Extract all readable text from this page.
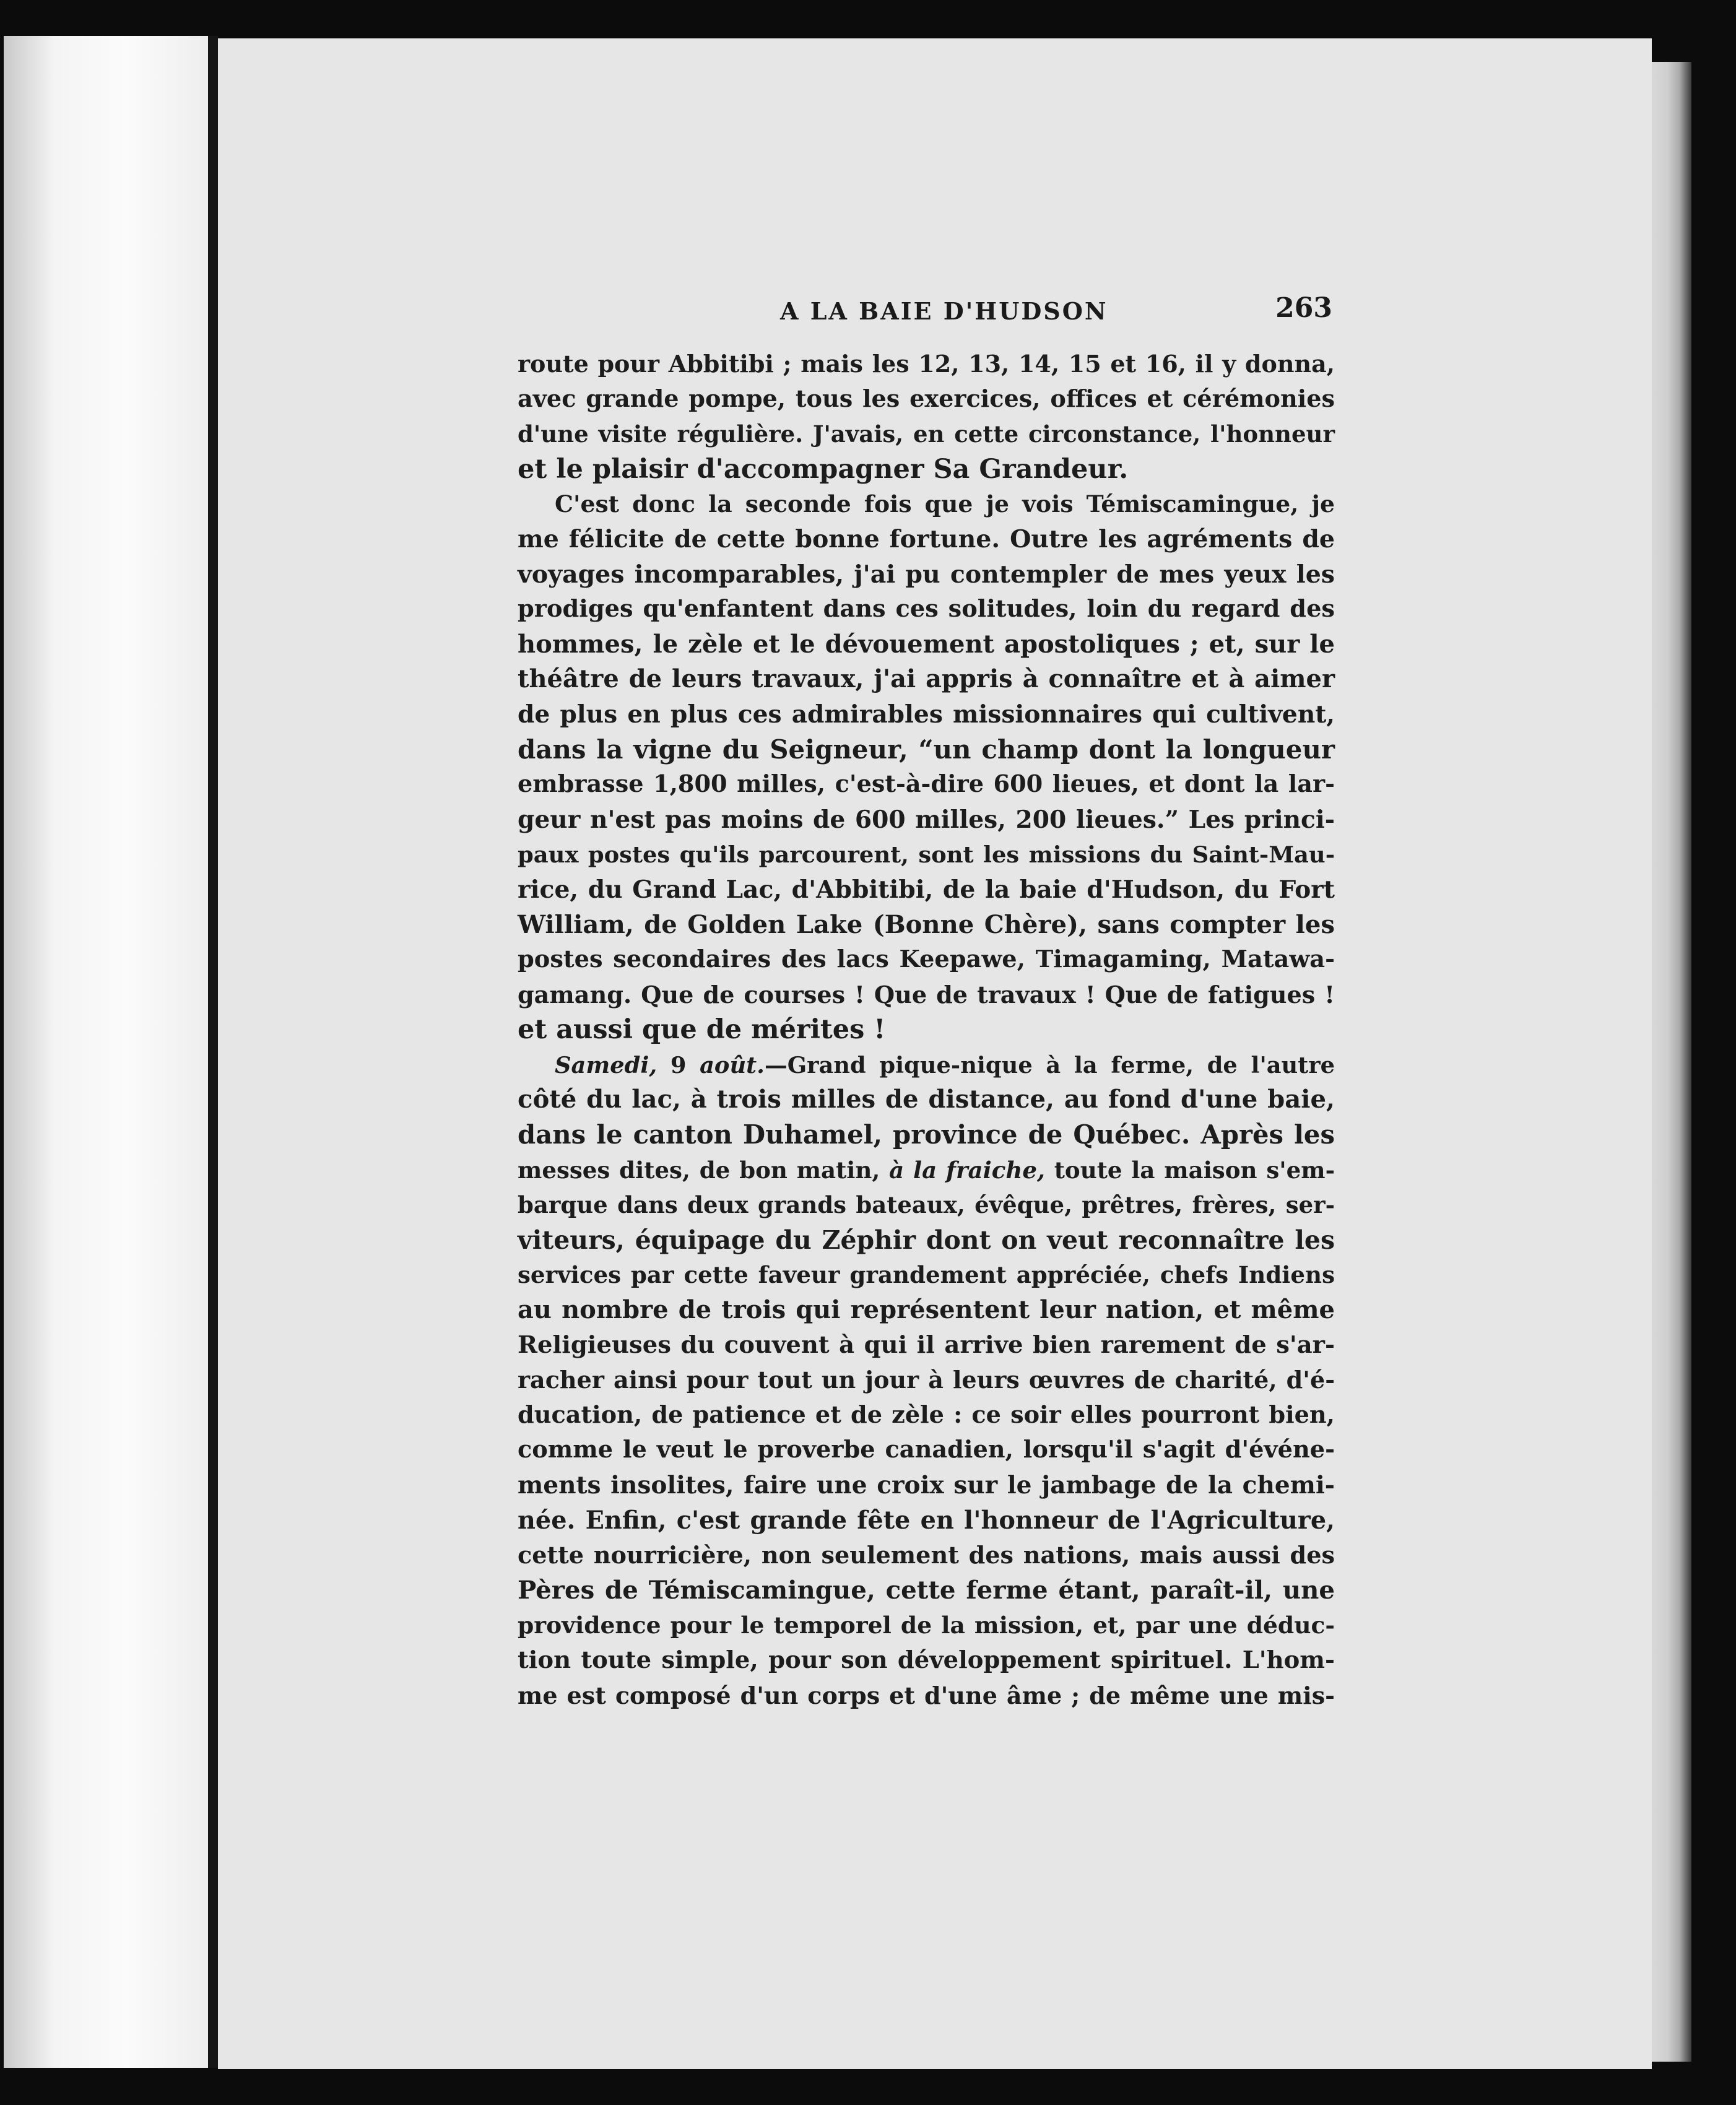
A LA BAIE D'HUDSON	263
route pour Abbitibi ; mais les 12, 13, 14, 15 et 16, il y donna,
avec grande pompe, tous les exercices, offices et cérémonies
d'une visite régulière. J'avais, en cette circonstance, l'honneur
et le plaisir d'accompagner Sa Grandeur.
C'est donc la seconde fois que je vois Témiscamingue, je
me félicite de cette bonne fortune. Outre les agréments de
voyages incomparables, j'ai pu contempler de mes yeux les
prodiges qu'enfantent dans ces solitudes, loin du regard des
hommes, le zèle et le dévouement apostoliques ; et, sur le
théâtre de leurs travaux, j'ai appris à connaître et à aimer
de plus en plus ces admirables missionnaires qui cultivent,
dans la vigne du Seigneur, “un champ dont la longueur
embrasse 1,800 milles, c'est-à-dire 600 lieues, et dont la lar-
geur n'est pas moins de 600 milles, 200 lieues.” Les princi-
paux postes qu'ils parcourent, sont les missions du Saint-Mau-
rice, du Grand Lac, d'Abbitibi, de la baie d'Hudson, du Fort
William, de Golden Lake (Bonne Chère), sans compter les
postes secondaires des lacs Keepawe, Timagaming, Matawa-
gamang. Que de courses ! Que de travaux ! Que de fatigues !
et aussi que de mérites !
Samedi, 9 août.—Grand pique-nique à la ferme, de l'autre
côté du lac, à trois milles de distance, au fond d'une baie,
dans le canton Duhamel, province de Québec. Après les
messes dites, de bon matin, à la fraiche, toute la maison s'em-
barque dans deux grands bateaux, évêque, prêtres, frères, ser-
viteurs, équipage du Zéphir dont on veut reconnaître les
services par cette faveur grandement appréciée, chefs Indiens
au nombre de trois qui représentent leur nation, et même
Religieuses du couvent à qui il arrive bien rarement de s'ar-
racher ainsi pour tout un jour à leurs œuvres de charité, d'é-
ducation, de patience et de zèle : ce soir elles pourront bien,
comme le veut le proverbe canadien, lorsqu'il s'agit d'événe-
ments insolites, faire une croix sur le jambage de la chemi-
née. Enfin, c'est grande fête en l'honneur de l'Agriculture,
cette nourricière, non seulement des nations, mais aussi des
Pères de Témiscamingue, cette ferme étant, paraît-il, une
providence pour le temporel de la mission, et, par une déduc-
tion toute simple, pour son développement spirituel. L'hom-
me est composé d'un corps et d'une âme ; de même une mis-
